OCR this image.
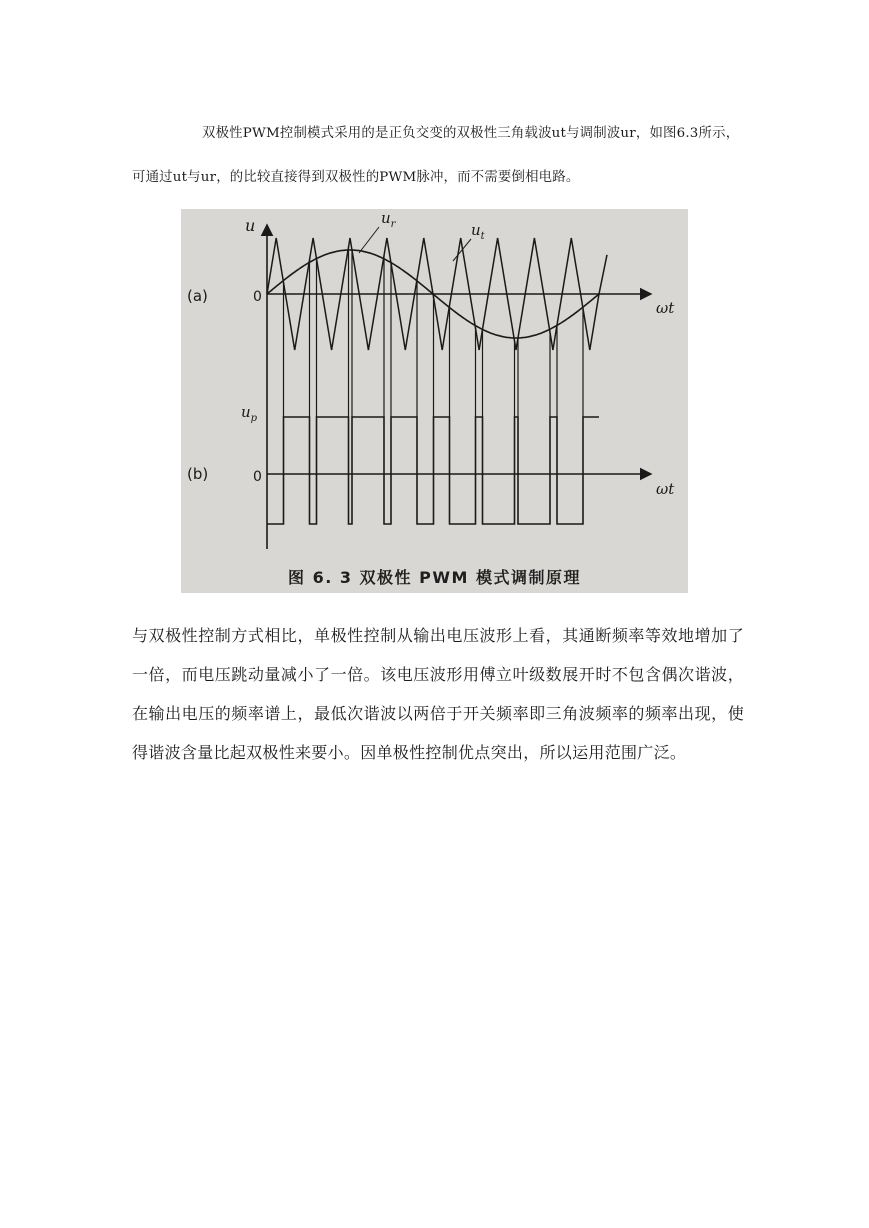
双极性PWM控制模式采用的是正负交变的双极性三角载波ut与调制波ur，如图6.3所示，可通过ut与ur，的比较直接得到双极性的PWM脉冲，而不需要倒相电路。

u	$u_r$	$u_t$
(a)	0
ωt
$u_p$
(b)	0
ωt
图 6. 3 双极性 PWM 模式调制原理

与双极性控制方式相比，单极性控制从输出电压波形上看，其通断频率等效地增加了一倍，而电压跳动量减小了一倍。该电压波形用傅立叶级数展开时不包含偶次谐波，在输出电压的频率谱上，最低次谐波以两倍于开关频率即三角波频率的频率出现，使得谐波含量比起双极性来要小。因单极性控制优点突出，所以运用范围广泛。
